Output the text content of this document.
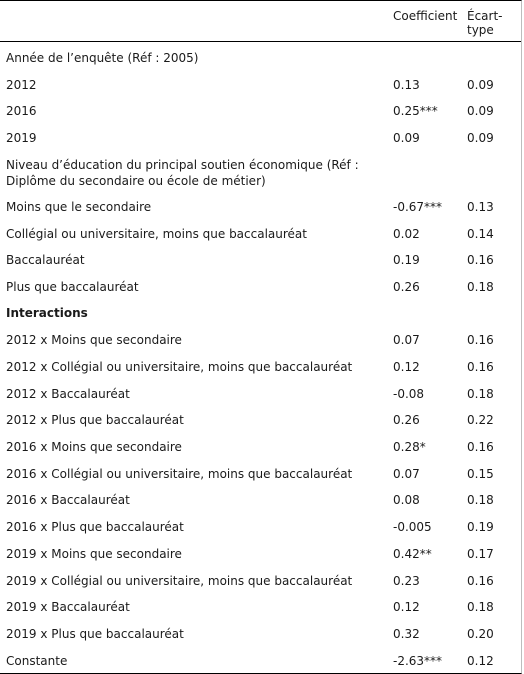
Coefficient Écart-type
Année de l’enquête (Réf : 2005)
2012	0.13	0.09
2016	0.25*** 0.09
2019	0.09	0.09
Niveau d’éducation du principal soutien économique (Réf : Diplôme du secondaire ou école de métier)
Moins que le secondaire	-0.67*** 0.13
Collégial ou universitaire, moins que baccalauréat	0.02	0.14
Baccalauréat	0.19	0.16
Plus que baccalauréat	0.26	0.18
Interactions
2012 x Moins que secondaire	0.07	0.16
2012 x Collégial ou universitaire, moins que baccalauréat	0.12	0.16
2012 x Baccalauréat	-0.08	0.18
2012 x Plus que baccalauréat	0.26	0.22
2016 x Moins que secondaire	0.28*	0.16
2016 x Collégial ou universitaire, moins que baccalauréat	0.07	0.15
2016 x Baccalauréat	0.08	0.18
2016 x Plus que baccalauréat	-0.005	0.19
2019 x Moins que secondaire	0.42**	0.17
2019 x Collégial ou universitaire, moins que baccalauréat	0.23	0.16
2019 x Baccalauréat	0.12	0.18
2019 x Plus que baccalauréat	0.32	0.20
Constante	-2.63*** 0.12
